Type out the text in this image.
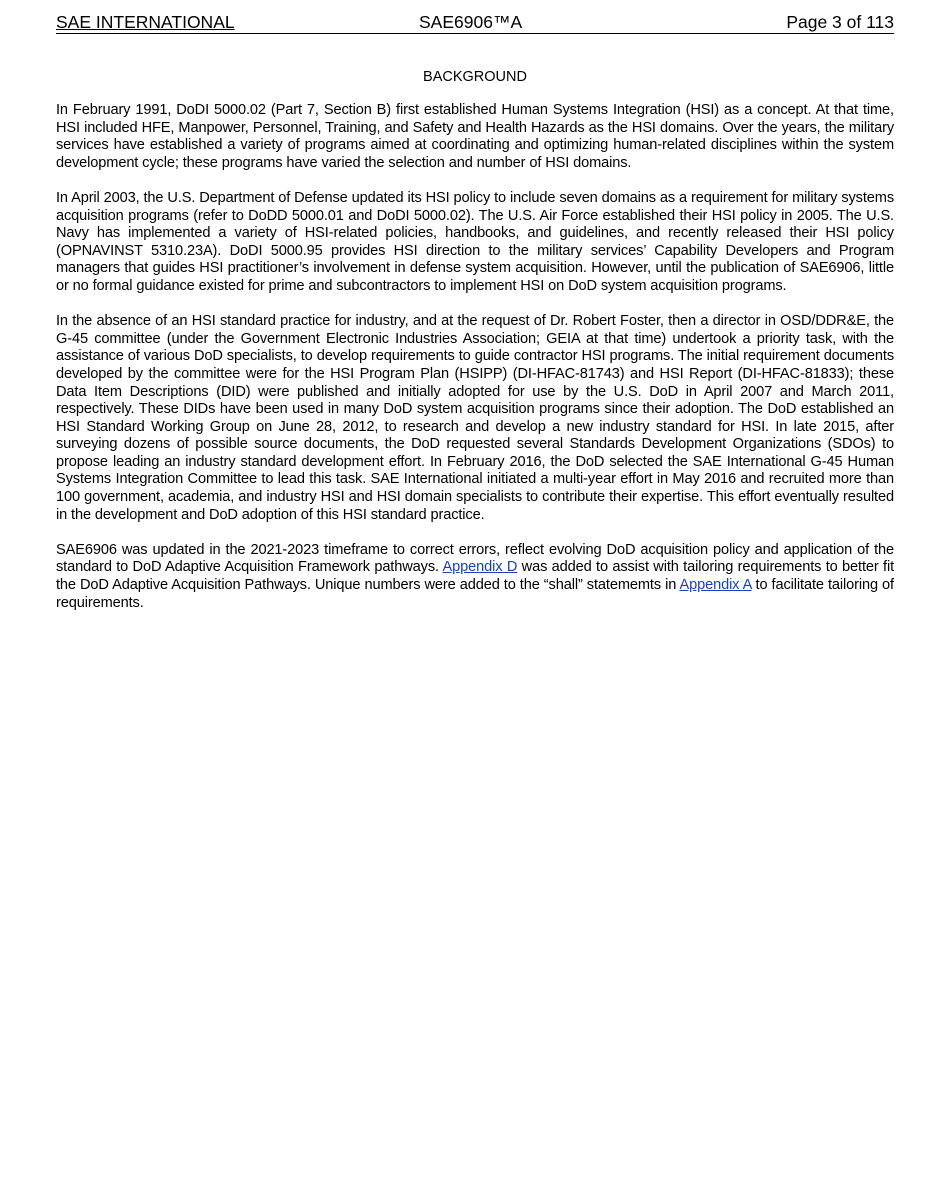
SAE INTERNATIONAL	SAE6906™A	Page 3 of 113
BACKGROUND

In February 1991, DoDI 5000.02 (Part 7, Section B) first established Human Systems Integration (HSI) as a concept. At that time, HSI included HFE, Manpower, Personnel, Training, and Safety and Health Hazards as the HSI domains. Over the years, the military services have established a variety of programs aimed at coordinating and optimizing human-related disciplines within the system development cycle; these programs have varied the selection and number of HSI domains.

In April 2003, the U.S. Department of Defense updated its HSI policy to include seven domains as a requirement for military systems acquisition programs (refer to DoDD 5000.01 and DoDI 5000.02). The U.S. Air Force established their HSI policy in 2005. The U.S. Navy has implemented a variety of HSI-related policies, handbooks, and guidelines, and recently released their HSI policy (OPNAVINST 5310.23A). DoDI 5000.95 provides HSI direction to the military services’ Capability Developers and Program managers that guides HSI practitioner’s involvement in defense system acquisition. However, until the publication of SAE6906, little or no formal guidance existed for prime and subcontractors to implement HSI on DoD system acquisition programs.

In the absence of an HSI standard practice for industry, and at the request of Dr. Robert Foster, then a director in OSD/DDR&E, the G-45 committee (under the Government Electronic Industries Association; GEIA at that time) undertook a priority task, with the assistance of various DoD specialists, to develop requirements to guide contractor HSI programs. The initial requirement documents developed by the committee were for the HSI Program Plan (HSIPP) (DI-HFAC-81743) and HSI Report (DI-HFAC-81833); these Data Item Descriptions (DID) were published and initially adopted for use by the U.S. DoD in April 2007 and March 2011, respectively. These DIDs have been used in many DoD system acquisition programs since their adoption. The DoD established an HSI Standard Working Group on June 28, 2012, to research and develop a new industry standard for HSI. In late 2015, after surveying dozens of possible source documents, the DoD requested several Standards Development Organizations (SDOs) to propose leading an industry standard development effort. In February 2016, the DoD selected the SAE International G-45 Human Systems Integration Committee to lead this task. SAE International initiated a multi-year effort in May 2016 and recruited more than 100 government, academia, and industry HSI and HSI domain specialists to contribute their expertise. This effort eventually resulted in the development and DoD adoption of this HSI standard practice.

SAE6906 was updated in the 2021-2023 timeframe to correct errors, reflect evolving DoD acquisition policy and application of the standard to DoD Adaptive Acquisition Framework pathways. Appendix D was added to assist with tailoring requirements to better fit the DoD Adaptive Acquisition Pathways. Unique numbers were added to the “shall” statememts in Appendix A to facilitate tailoring of requirements.
